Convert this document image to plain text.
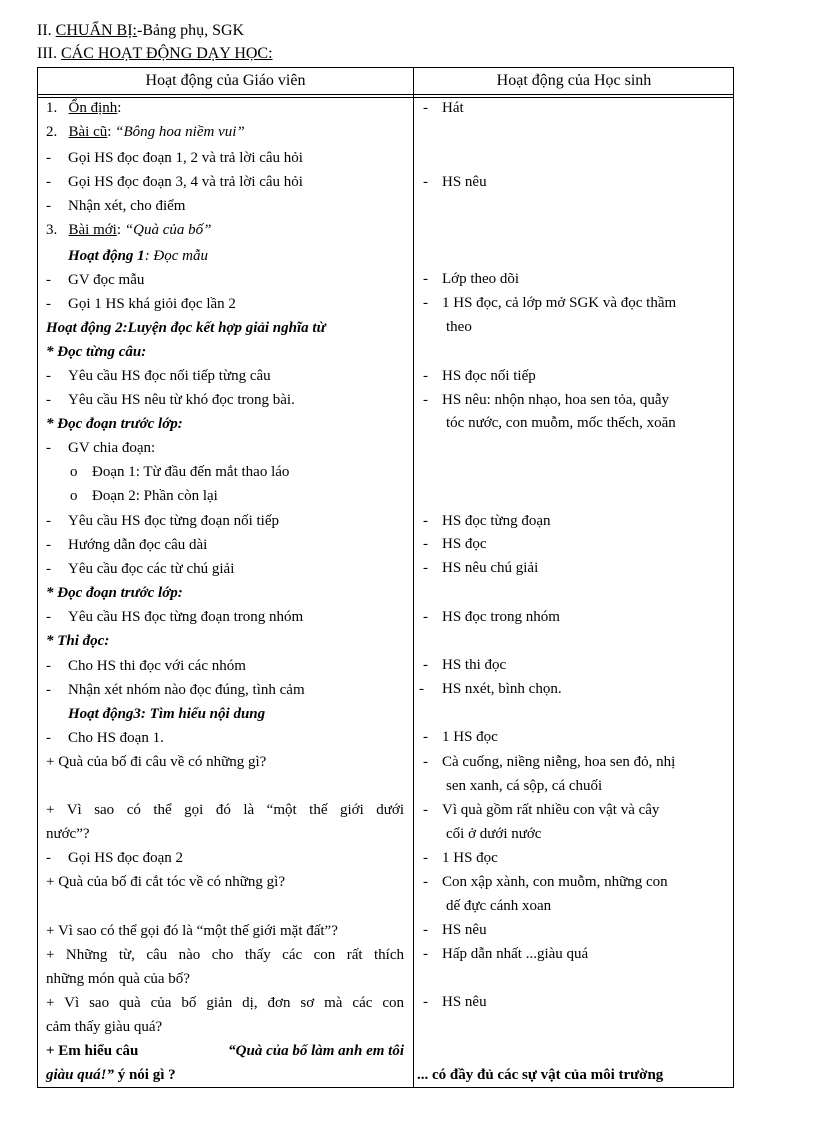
II. CHUẨN BỊ:-Bảng phụ, SGK
III. CÁC HOẠT ĐỘNG DẠY HỌC:
Hoạt động của Giáo viên	Hoạt động của Học sinh
1. Ổn định:
2. Bài cũ: “Bông hoa niềm vui”
- Gọi HS đọc đoạn 1, 2 và trả lời câu hỏi
- Gọi HS đọc đoạn 3, 4 và trả lời câu hỏi
- Nhận xét, cho điểm
3. Bài mới: “Quà của bố”
Hoạt động 1: Đọc mẫu
- GV đọc mẫu
- Gọi 1 HS khá giỏi đọc lần 2
Hoạt động 2:Luyện đọc kết hợp giải nghĩa từ
* Đọc từng câu:
- Yêu cầu HS đọc nối tiếp từng câu
- Yêu cầu HS nêu từ khó đọc trong bài.
* Đọc đoạn trước lớp:
- GV chia đoạn:
o Đoạn 1: Từ đầu đến mắt thao láo
o Đoạn 2: Phần còn lại
- Yêu cầu HS đọc từng đoạn nối tiếp
- Hướng dẫn đọc câu dài
- Yêu cầu đọc các từ chú giải
* Đọc đoạn trước lớp:
- Yêu cầu HS đọc từng đoạn trong nhóm
* Thi đọc:
- Cho HS thi đọc với các nhóm
- Nhận xét nhóm nào đọc đúng, tình cảm
Hoạt động3: Tìm hiểu nội dung
- Cho HS đoạn 1.
+ Quà của bố đi câu về có những gì?
+ Vì sao có thể gọi đó là “một thế giới dưới
nước”?
- Gọi HS đọc đoạn 2
+ Quà của bố đi cắt tóc về có những gì?
+ Vì sao có thể gọi đó là “một thế giới mặt đất”?
+ Những từ, câu nào cho thấy các con rất thích
những món quà của bố?
+ Vì sao quà của bố giản dị, đơn sơ mà các con
cảm thấy giàu quá?
+ Em hiểu câu	“Quà của bố làm anh em tôi
giàu quá!” ý nói gì ?
- Hát
- HS nêu
- Lớp theo dõi
- 1 HS đọc, cả lớp mở SGK và đọc thầm
theo
- HS đọc nối tiếp
- HS nêu: nhộn nhạo, hoa sen tỏa, quẫy
tóc nước, con muỗm, mốc thếch, xoăn
- HS đọc từng đoạn
- HS đọc
- HS nêu chú giải
- HS đọc trong nhóm
- HS thi đọc
- HS nxét, bình chọn.
- 1 HS đọc
- Cà cuống, niềng niễng, hoa sen đỏ, nhị
sen xanh, cá sộp, cá chuối
- Vì quà gồm rất nhiều con vật và cây
cối ở dưới nước
- 1 HS đọc
- Con xập xành, con muỗm, những con
dế đực cánh xoan
- HS nêu
- Hấp dẫn nhất ...giàu quá
- HS nêu
... có đầy đủ các sự vật của môi trường
